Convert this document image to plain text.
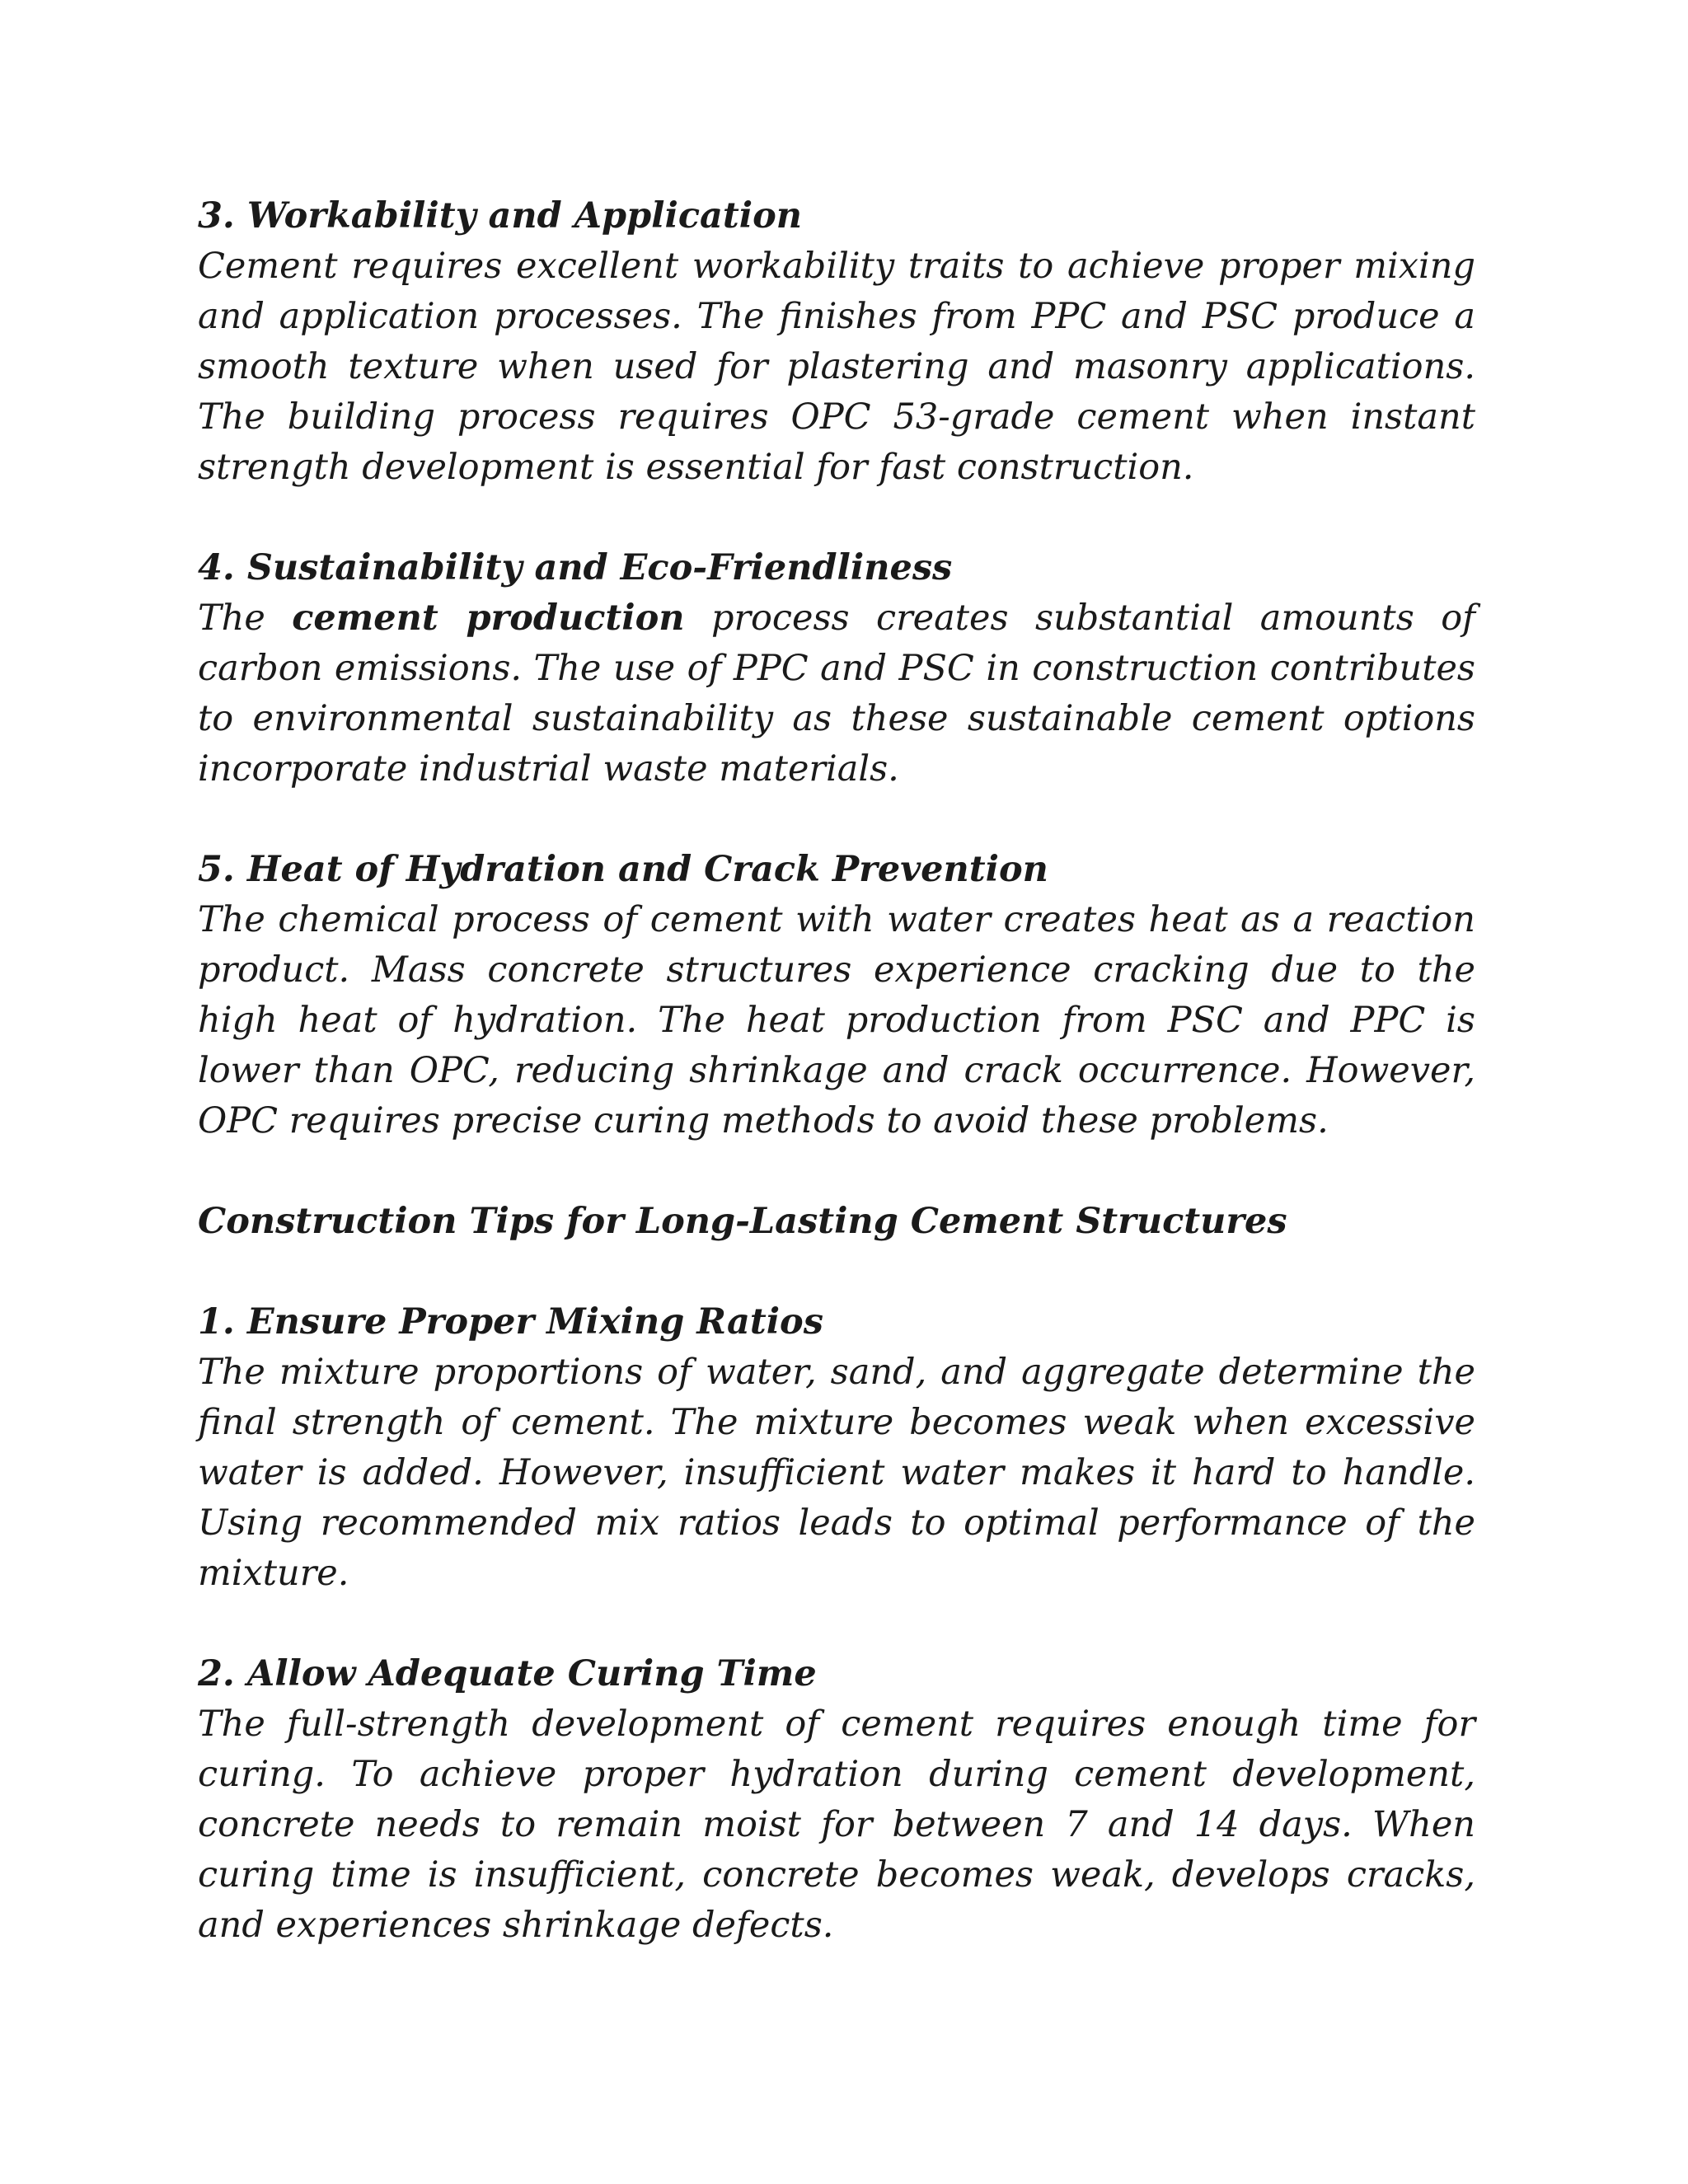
3. Workability and Application

Cement requires excellent workability traits to achieve proper mixing and application processes. The finishes from PPC and PSC produce a smooth texture when used for plastering and masonry applications. The building process requires OPC 53-grade cement when instant strength development is essential for fast construction.

4. Sustainability and Eco-Friendliness

The cement production process creates substantial amounts of carbon emissions. The use of PPC and PSC in construction contributes to environmental sustainability as these sustainable cement options incorporate industrial waste materials.

5. Heat of Hydration and Crack Prevention

The chemical process of cement with water creates heat as a reaction product. Mass concrete structures experience cracking due to the high heat of hydration. The heat production from PSC and PPC is lower than OPC, reducing shrinkage and crack occurrence. However, OPC requires precise curing methods to avoid these problems.

Construction Tips for Long-Lasting Cement Structures

1. Ensure Proper Mixing Ratios

The mixture proportions of water, sand, and aggregate determine the final strength of cement. The mixture becomes weak when excessive water is added. However, insufficient water makes it hard to handle. Using recommended mix ratios leads to optimal performance of the mixture.

2. Allow Adequate Curing Time

The full-strength development of cement requires enough time for curing. To achieve proper hydration during cement development, concrete needs to remain moist for between 7 and 14 days. When curing time is insufficient, concrete becomes weak, develops cracks, and experiences shrinkage defects.
